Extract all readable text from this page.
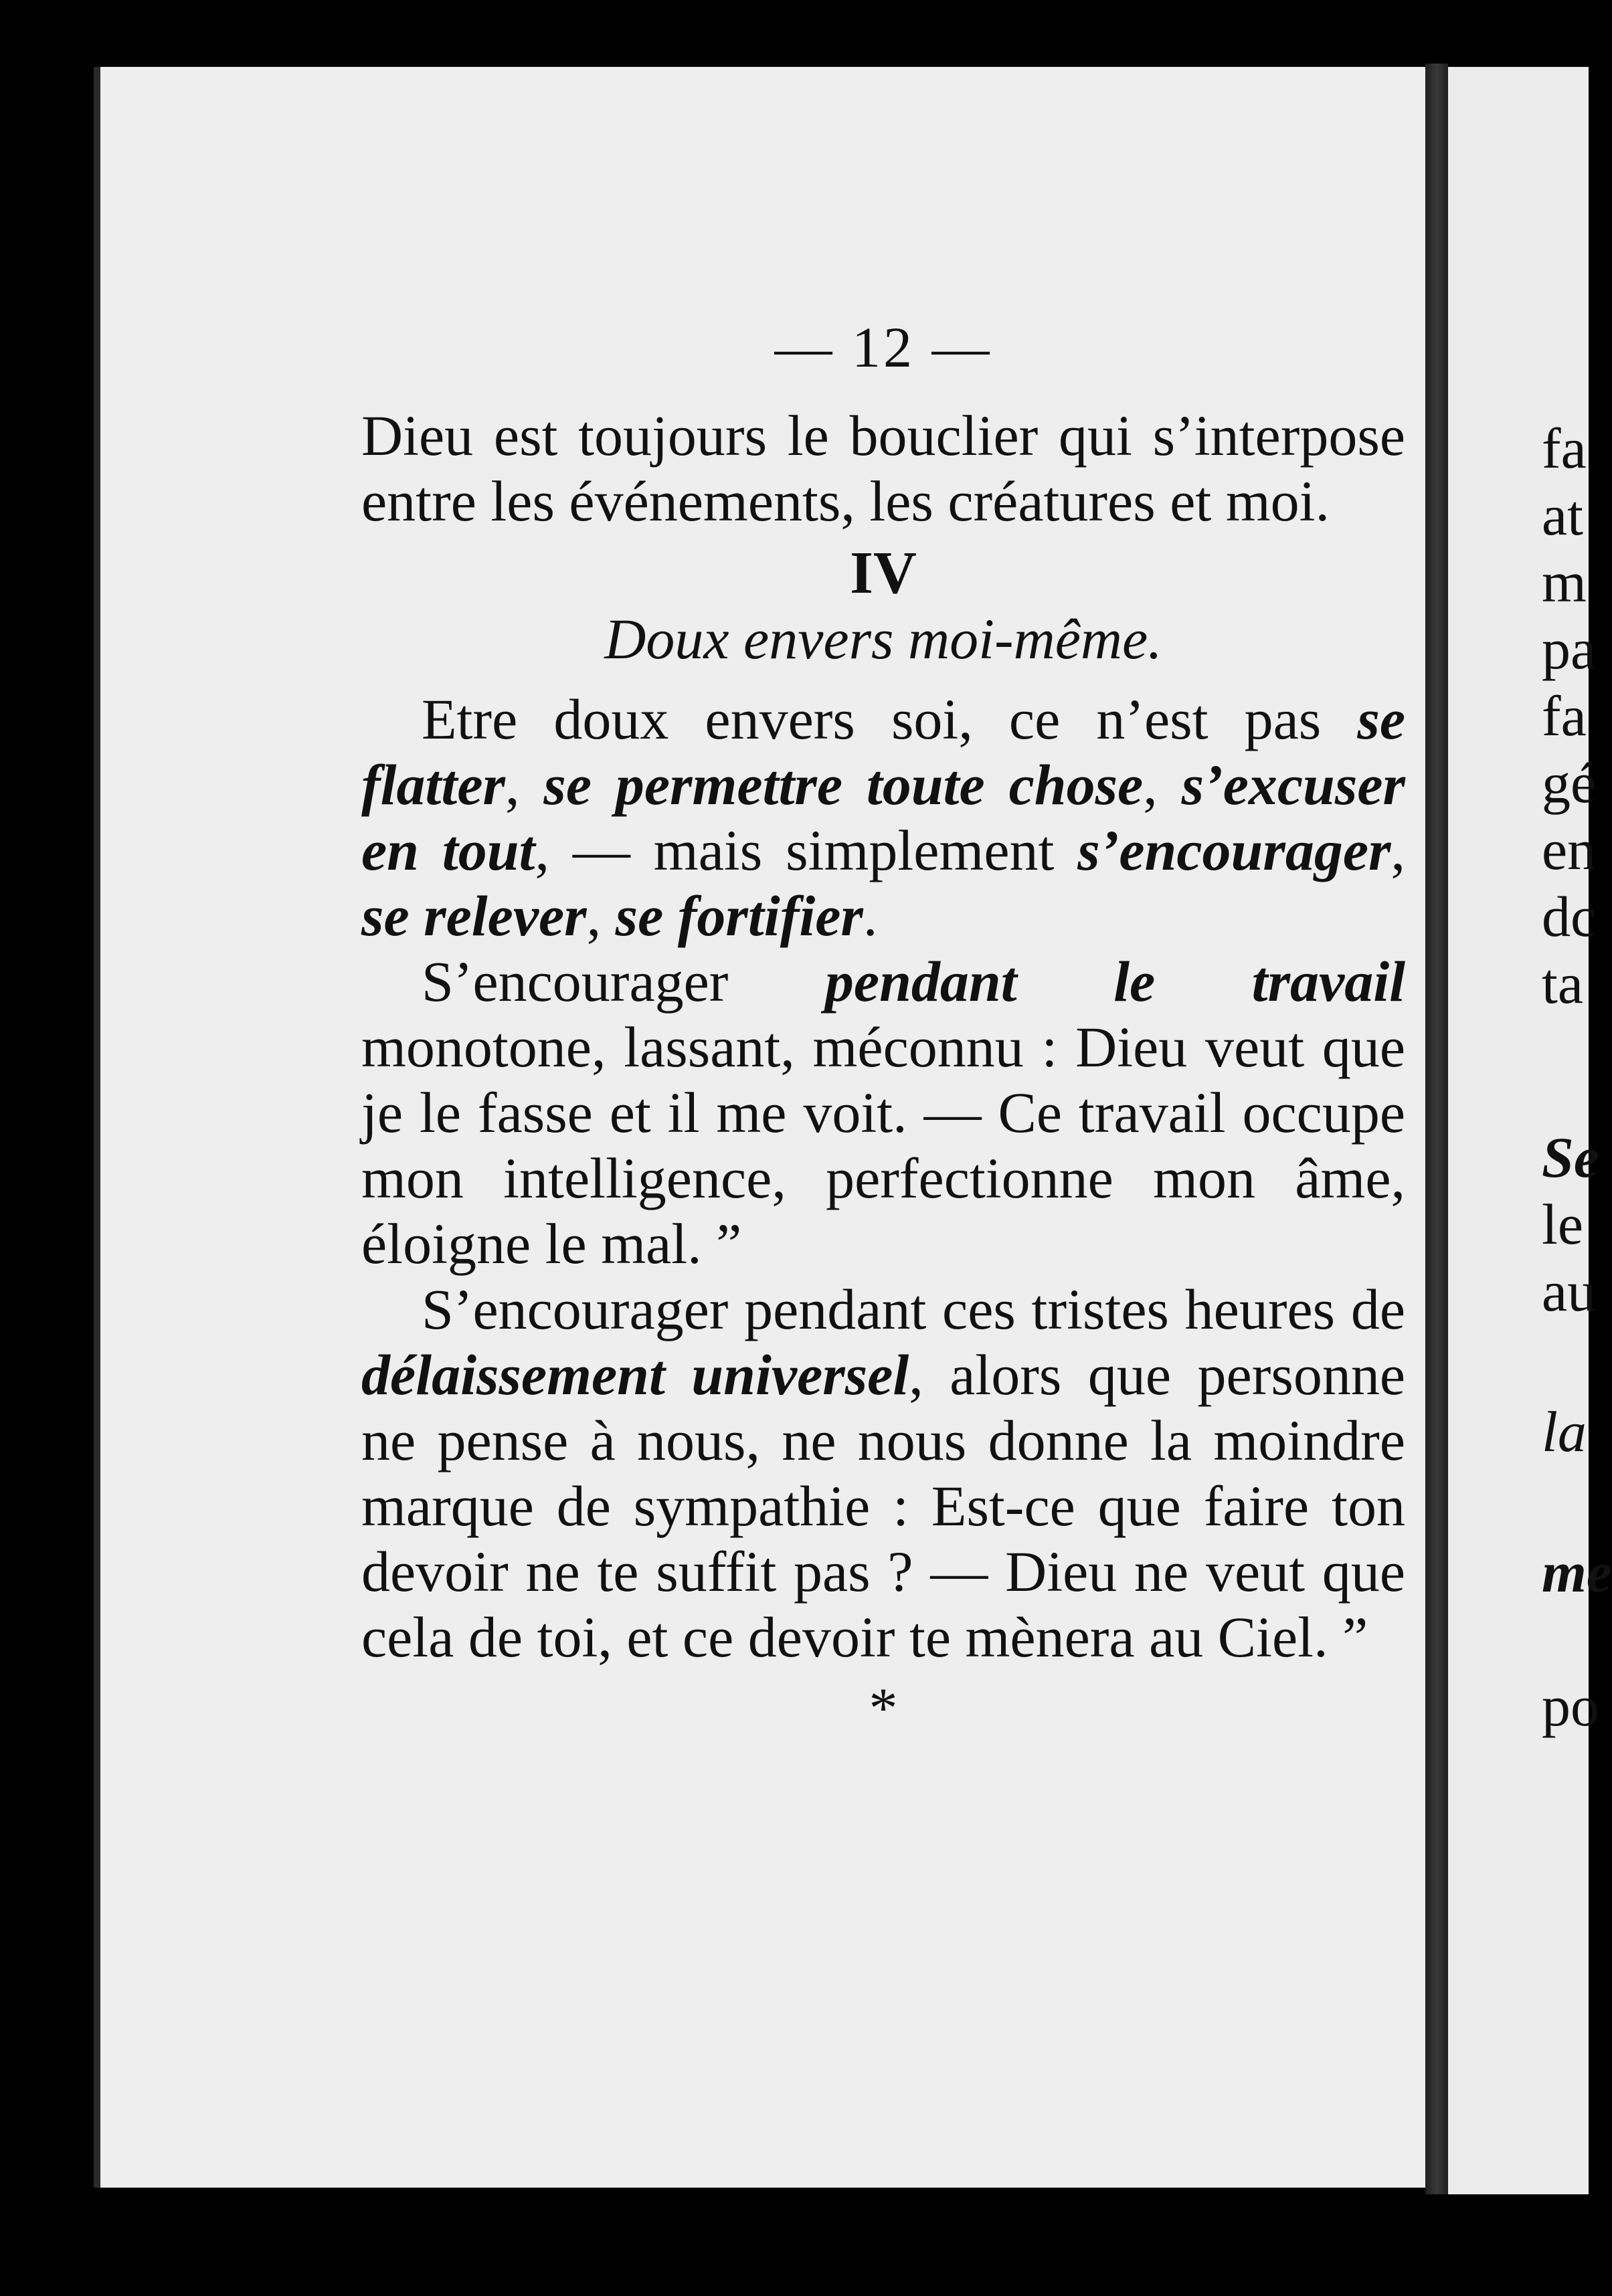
— 12 —

Dieu est toujours le bouclier qui s’interpose entre les événements, les créatures et moi.

IV
Doux envers moi-même.

Etre doux envers soi, ce n’est pas se flatter, se permettre toute chose, s’excuser en tout, — mais simplement s’encourager, se relever, se fortifier.

S’encourager pendant le travail monotone, lassant, méconnu : Dieu veut que je le fasse et il me voit. — Ce travail occupe mon intelligence, perfectionne mon âme, éloigne le mal. ”

S’encourager pendant ces tristes heures de délaissement universel, alors que personne ne pense à nous, ne nous donne la moindre marque de sympathie : Est-ce que faire ton devoir ne te suffit pas ? — Dieu ne veut que cela de toi, et ce devoir te mènera au Ciel. ”

*
fa
at
m
pa
fa
gé
en
dc
ta
Se
le
au
la
me
po
